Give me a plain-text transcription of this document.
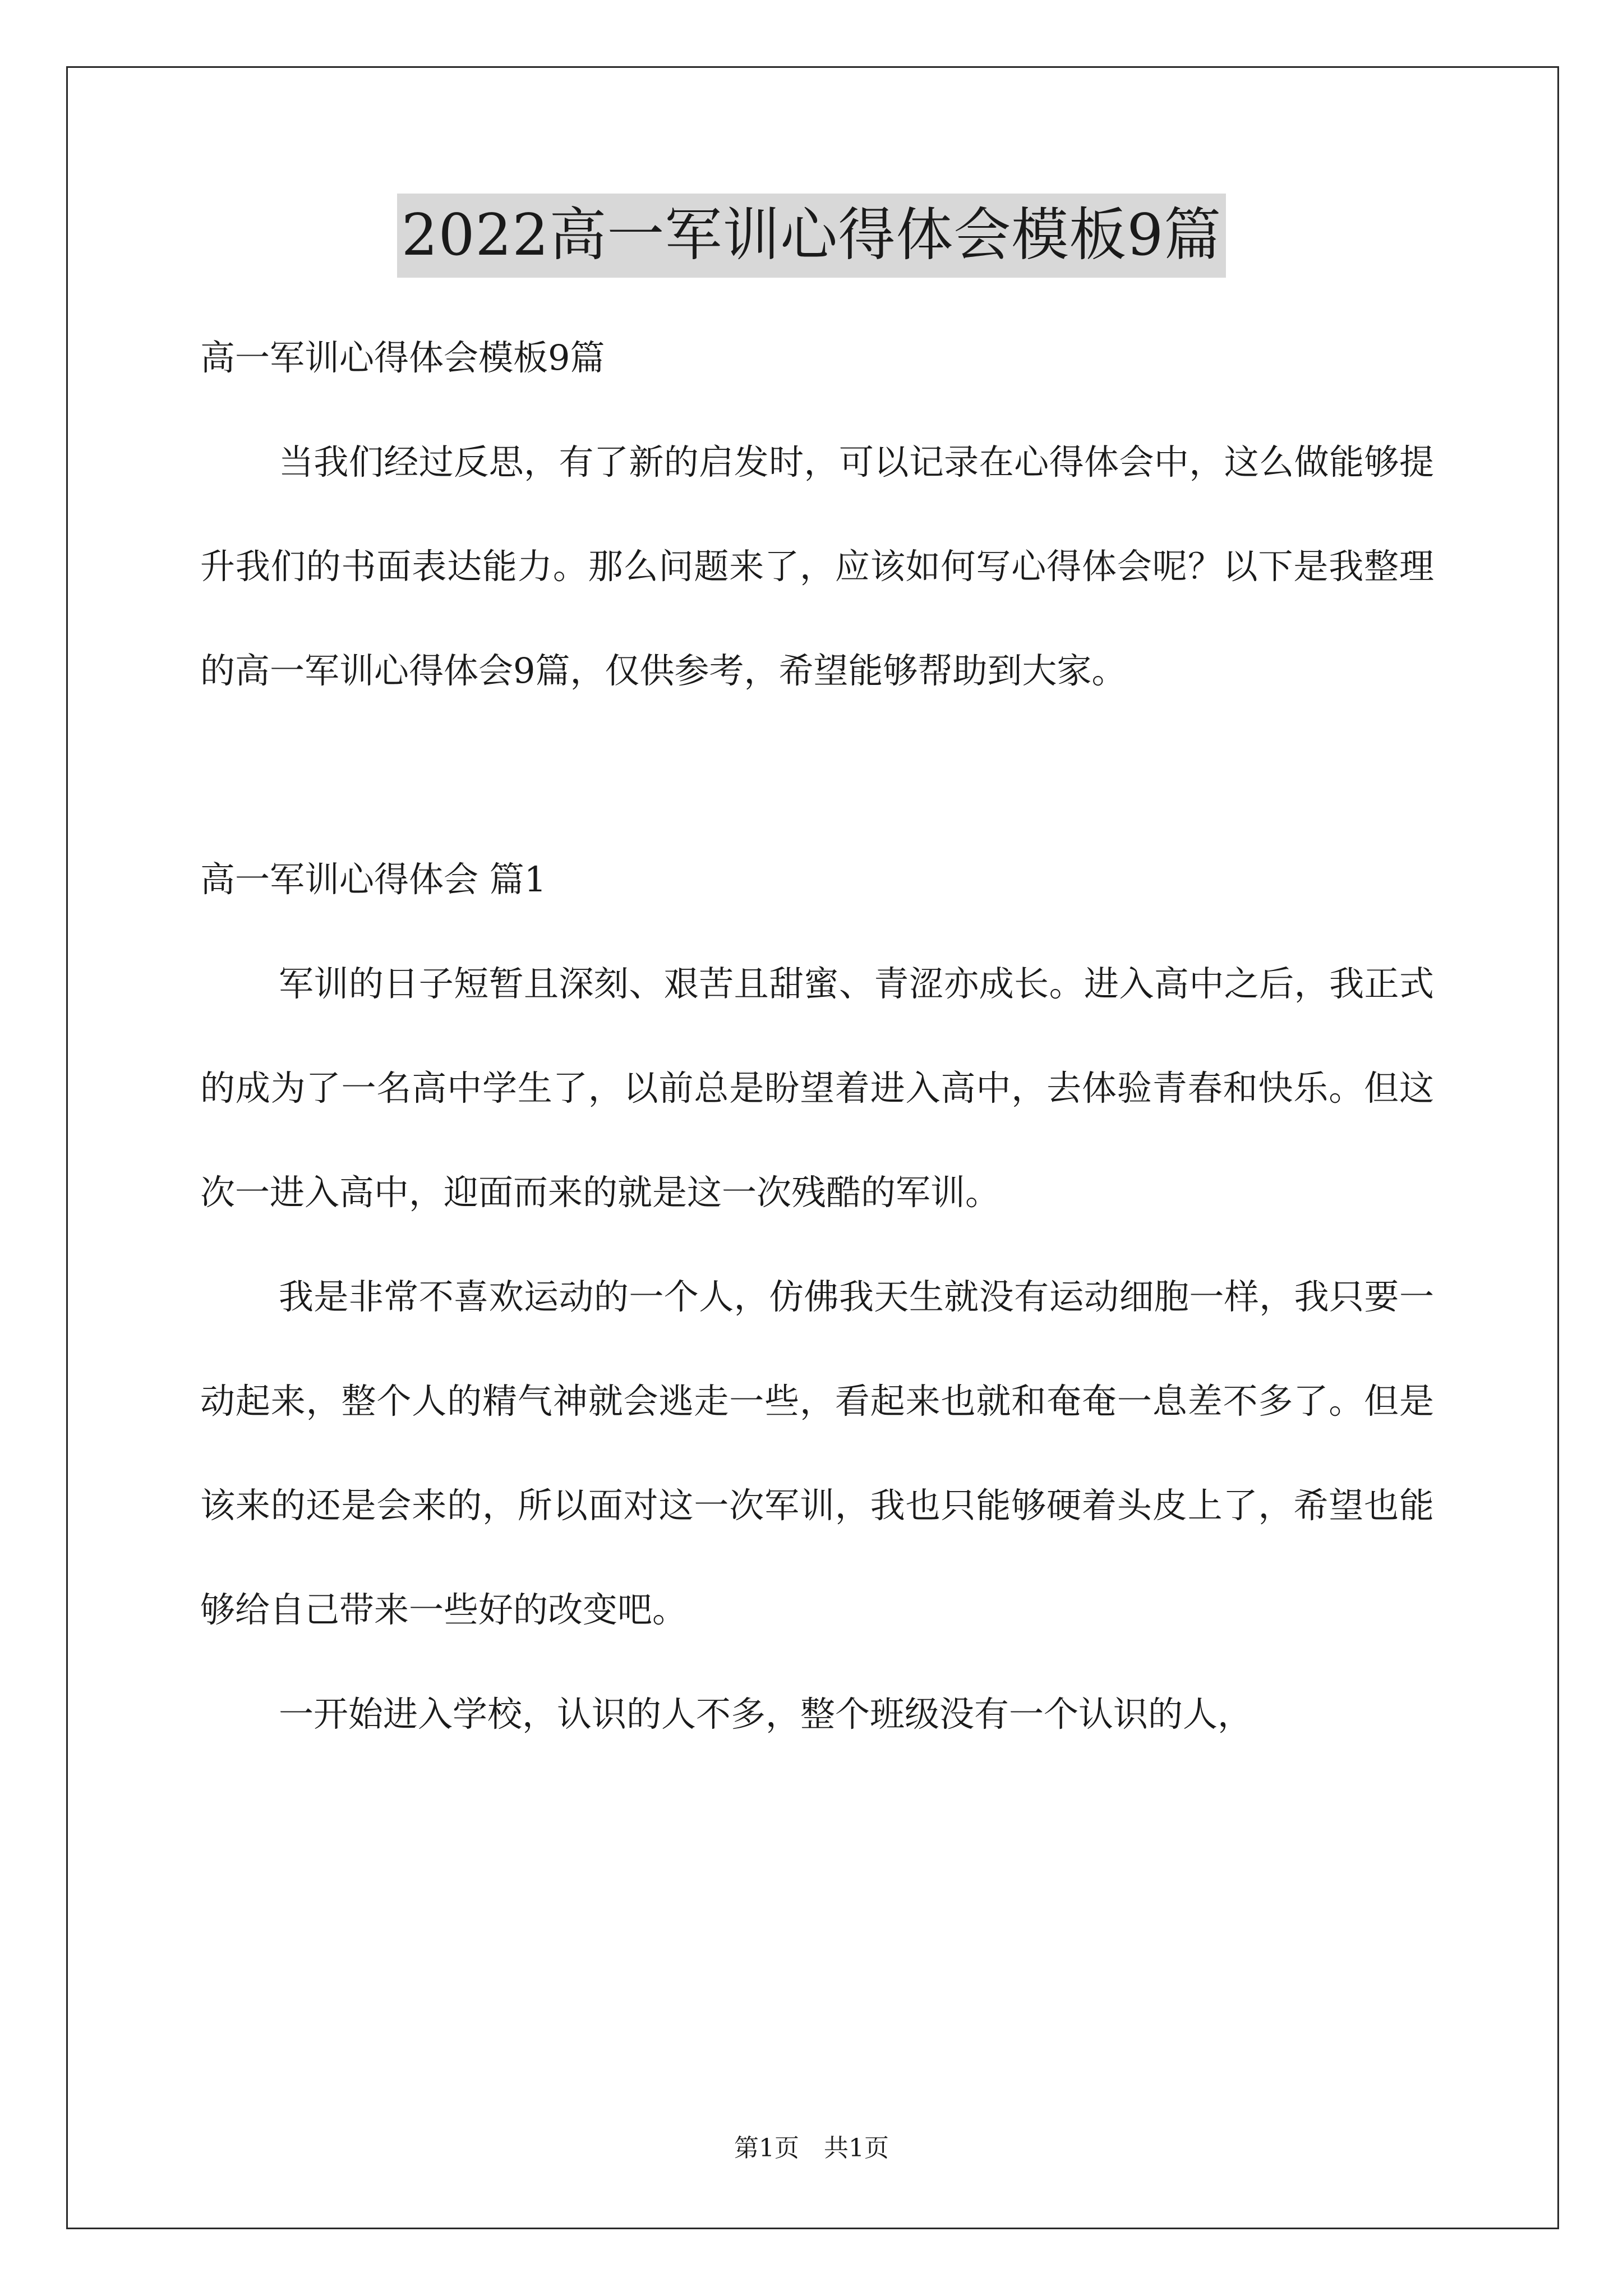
2022高一军训心得体会模板9篇

高一军训心得体会模板9篇

当我们经过反思，有了新的启发时，可以记录在心得体会中，这么做能够提升我们的书面表达能力。那么问题来了，应该如何写心得体会呢？以下是我整理的高一军训心得体会9篇，仅供参考，希望能够帮助到大家。

高一军训心得体会 篇1

军训的日子短暂且深刻、艰苦且甜蜜、青涩亦成长。进入高中之后，我正式的成为了一名高中学生了，以前总是盼望着进入高中，去体验青春和快乐。但这次一进入高中，迎面而来的就是这一次残酷的军训。

我是非常不喜欢运动的一个人，仿佛我天生就没有运动细胞一样，我只要一动起来，整个人的精气神就会逃走一些，看起来也就和奄奄一息差不多了。但是该来的还是会来的，所以面对这一次军训，我也只能够硬着头皮上了，希望也能够给自己带来一些好的改变吧。

一开始进入学校，认识的人不多，整个班级没有一个认识的人，

第1页 共1页
